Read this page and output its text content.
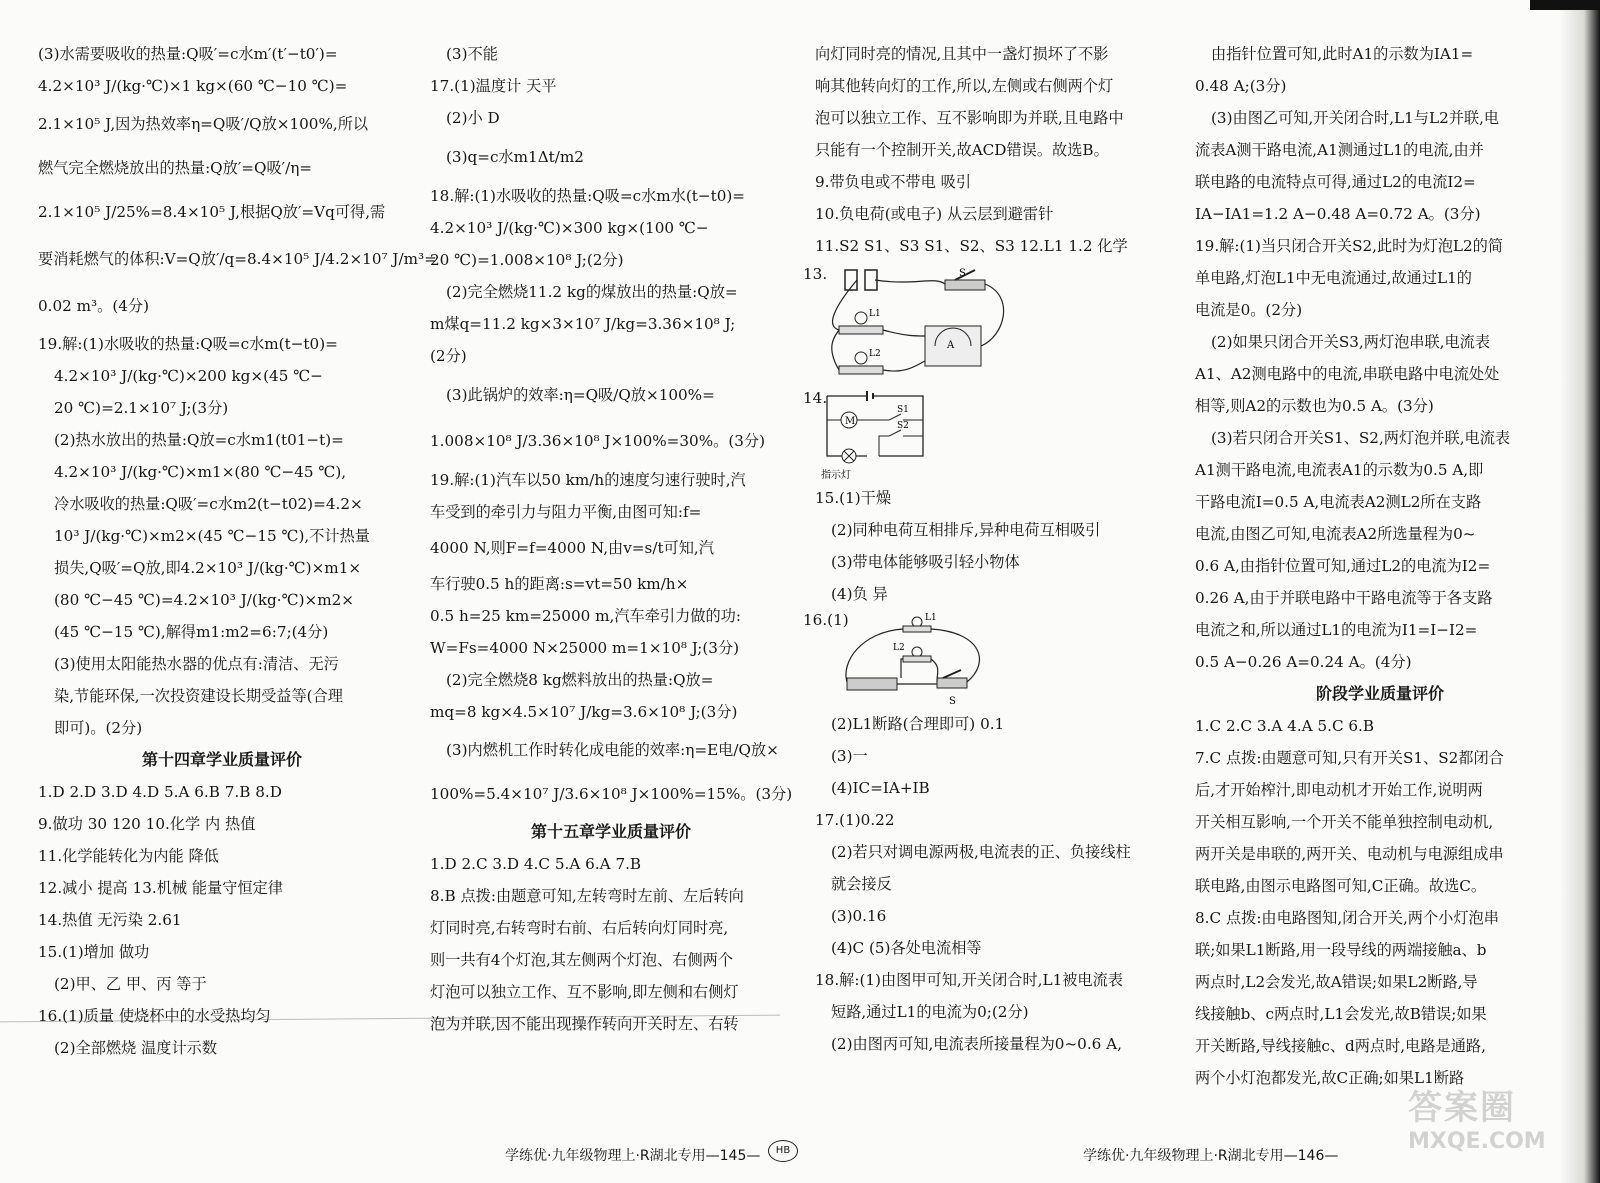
(3)水需要吸收的热量:Q吸′=c水m′(t′−t0′)=

4.2×10³ J/(kg·℃)×1 kg×(60 ℃−10 ℃)=

2.1×10⁵ J,因为热效率η=Q吸′/Q放×100%,所以

燃气完全燃烧放出的热量:Q放′=Q吸′/η=

2.1×10⁵ J/25%=8.4×10⁵ J,根据Q放′=Vq可得,需

要消耗燃气的体积:V=Q放′/q=8.4×10⁵ J/4.2×10⁷ J/m³=

0.02 m³。(4分)

19.解:(1)水吸收的热量:Q吸=c水m(t−t0)=

4.2×10³ J/(kg·℃)×200 kg×(45 ℃−

20 ℃)=2.1×10⁷ J;(3分)

(2)热水放出的热量:Q放=c水m1(t01−t)=

4.2×10³ J/(kg·℃)×m1×(80 ℃−45 ℃),

冷水吸收的热量:Q吸′=c水m2(t−t02)=4.2×

10³ J/(kg·℃)×m2×(45 ℃−15 ℃),不计热量

损失,Q吸′=Q放,即4.2×10³ J/(kg·℃)×m1×

(80 ℃−45 ℃)=4.2×10³ J/(kg·℃)×m2×

(45 ℃−15 ℃),解得m1:m2=6:7;(4分)

(3)使用太阳能热水器的优点有:清洁、无污

染,节能环保,一次投资建设长期受益等(合理

即可)。(2分)

第十四章学业质量评价

1.D 2.D 3.D 4.D 5.A 6.B 7.B 8.D

9.做功 30 120 10.化学 内 热值

11.化学能转化为内能 降低

12.减小 提高 13.机械 能量守恒定律

14.热值 无污染 2.61

15.(1)增加 做功

(2)甲、乙 甲、丙 等于

16.(1)质量 使烧杯中的水受热均匀

(2)全部燃烧 温度计示数

(3)不能

17.(1)温度计 天平

(2)小 D

(3)q=c水m1Δt/m2

18.解:(1)水吸收的热量:Q吸=c水m水(t−t0)=

4.2×10³ J/(kg·℃)×300 kg×(100 ℃−

20 ℃)=1.008×10⁸ J;(2分)

(2)完全燃烧11.2 kg的煤放出的热量:Q放=

m煤q=11.2 kg×3×10⁷ J/kg=3.36×10⁸ J;

(2分)

(3)此锅炉的效率:η=Q吸/Q放×100%=

1.008×10⁸ J/3.36×10⁸ J×100%=30%。(3分)

19.解:(1)汽车以50 km/h的速度匀速行驶时,汽

车受到的牵引力与阻力平衡,由图可知:f=

4000 N,则F=f=4000 N,由v=s/t可知,汽

车行驶0.5 h的距离:s=vt=50 km/h×

0.5 h=25 km=25000 m,汽车牵引力做的功:

W=Fs=4000 N×25000 m=1×10⁸ J;(3分)

(2)完全燃烧8 kg燃料放出的热量:Q放=

mq=8 kg×4.5×10⁷ J/kg=3.6×10⁸ J;(3分)

(3)内燃机工作时转化成电能的效率:η=E电/Q放×

100%=5.4×10⁷ J/3.6×10⁸ J×100%=15%。(3分)

第十五章学业质量评价

1.D 2.C 3.D 4.C 5.A 6.A 7.B

8.B 点拨:由题意可知,左转弯时左前、左后转向

灯同时亮,右转弯时右前、右后转向灯同时亮,

则一共有4个灯泡,其左侧两个灯泡、右侧两个

灯泡可以独立工作、互不影响,即左侧和右侧灯

泡为并联,因不能出现操作转向开关时左、右转

向灯同时亮的情况,且其中一盏灯损坏了不影

响其他转向灯的工作,所以,左侧或右侧两个灯

泡可以独立工作、互不影响即为并联,且电路中

只能有一个控制开关,故ACD错误。故选B。

9.带负电或不带电 吸引

10.负电荷(或电子) 从云层到避雷针

11.S2 S1、S3 S1、S2、S3 12.L1 1.2 化学

13.	S
L1
L2
A

14.

M
S1
S2
指示灯

15.(1)干燥

(2)同种电荷互相排斥,异种电荷互相吸引

(3)带电体能够吸引轻小物体

(4)负 异

16.(1)	L1
L2
S

(2)L1断路(合理即可) 0.1

(3)一

(4)IC=IA+IB

17.(1)0.22

(2)若只对调电源两极,电流表的正、负接线柱

就会接反

(3)0.16

(4)C (5)各处电流相等

18.解:(1)由图甲可知,开关闭合时,L1被电流表

短路,通过L1的电流为0;(2分)

(2)由图丙可知,电流表所接量程为0~0.6 A,

由指针位置可知,此时A1的示数为IA1=

0.48 A;(3分)

(3)由图乙可知,开关闭合时,L1与L2并联,电

流表A测干路电流,A1测通过L1的电流,由并

联电路的电流特点可得,通过L2的电流I2=

IA−IA1=1.2 A−0.48 A=0.72 A。(3分)

19.解:(1)当只闭合开关S2,此时为灯泡L2的简

单电路,灯泡L1中无电流通过,故通过L1的

电流是0。(2分)

(2)如果只闭合开关S3,两灯泡串联,电流表

A1、A2测电路中的电流,串联电路中电流处处

相等,则A2的示数也为0.5 A。(3分)

(3)若只闭合开关S1、S2,两灯泡并联,电流表

A1测干路电流,电流表A1的示数为0.5 A,即

干路电流I=0.5 A,电流表A2测L2所在支路

电流,由图乙可知,电流表A2所选量程为0~

0.6 A,由指针位置可知,通过L2的电流为I2=

0.26 A,由于并联电路中干路电流等于各支路

电流之和,所以通过L1的电流为I1=I−I2=

0.5 A−0.26 A=0.24 A。(4分)

阶段学业质量评价

1.C 2.C 3.A 4.A 5.C 6.B

7.C 点拨:由题意可知,只有开关S1、S2都闭合

后,才开始榨汁,即电动机才开始工作,说明两

开关相互影响,一个开关不能单独控制电动机,

两开关是串联的,两开关、电动机与电源组成串

联电路,由图示电路图可知,C正确。故选C。

8.C 点拨:由电路图知,闭合开关,两个小灯泡串

联;如果L1断路,用一段导线的两端接触a、b

两点时,L2会发光,故A错误;如果L2断路,导

线接触b、c两点时,L1会发光,故B错误;如果

开关断路,导线接触c、d两点时,电路是通路,

两个小灯泡都发光,故C正确;如果L1断路

学练优·九年级物理上·R湖北专用—145—	HB	学练优·九年级物理上·R湖北专用—146—
答案圈
MXQE.COM
